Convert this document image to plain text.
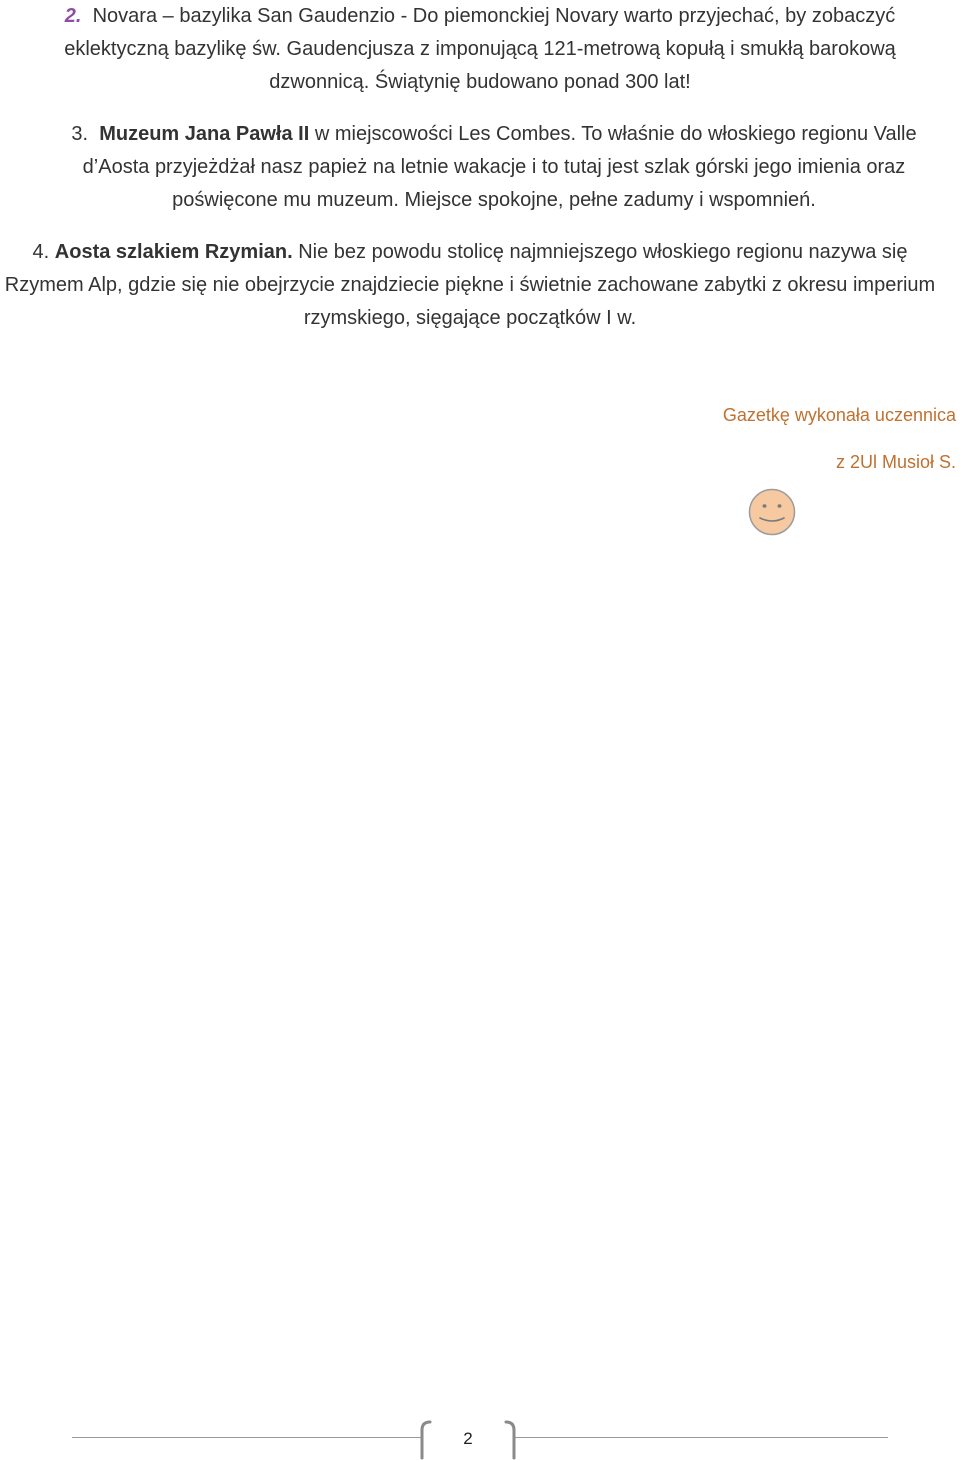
2. Novara – bazylika San Gaudenzio - Do piemonckiej Novary warto przyjechać, by zobaczyć eklektyczną bazylikę św. Gaudencjusza z imponującą 121-metrową kopułą i smukłą barokową dzwonnicą. Świątynię budowano ponad 300 lat!
3. Muzeum Jana Pawła II w miejscowości Les Combes. To właśnie do włoskiego regionu Valle d’Aosta przyjeżdżał nasz papież na letnie wakacje i to tutaj jest szlak górski jego imienia oraz poświęcone mu muzeum. Miejsce spokojne, pełne zadumy i wspomnień.
4. Aosta szlakiem Rzymian. Nie bez powodu stolicę najmniejszego włoskiego regionu nazywa się Rzymem Alp, gdzie się nie obejrzycie znajdziecie piękne i świetnie zachowane zabytki z okresu imperium rzymskiego, sięgające początków I w.
Gazetkę wykonała uczennica
z 2Ul Musioł S.
2
